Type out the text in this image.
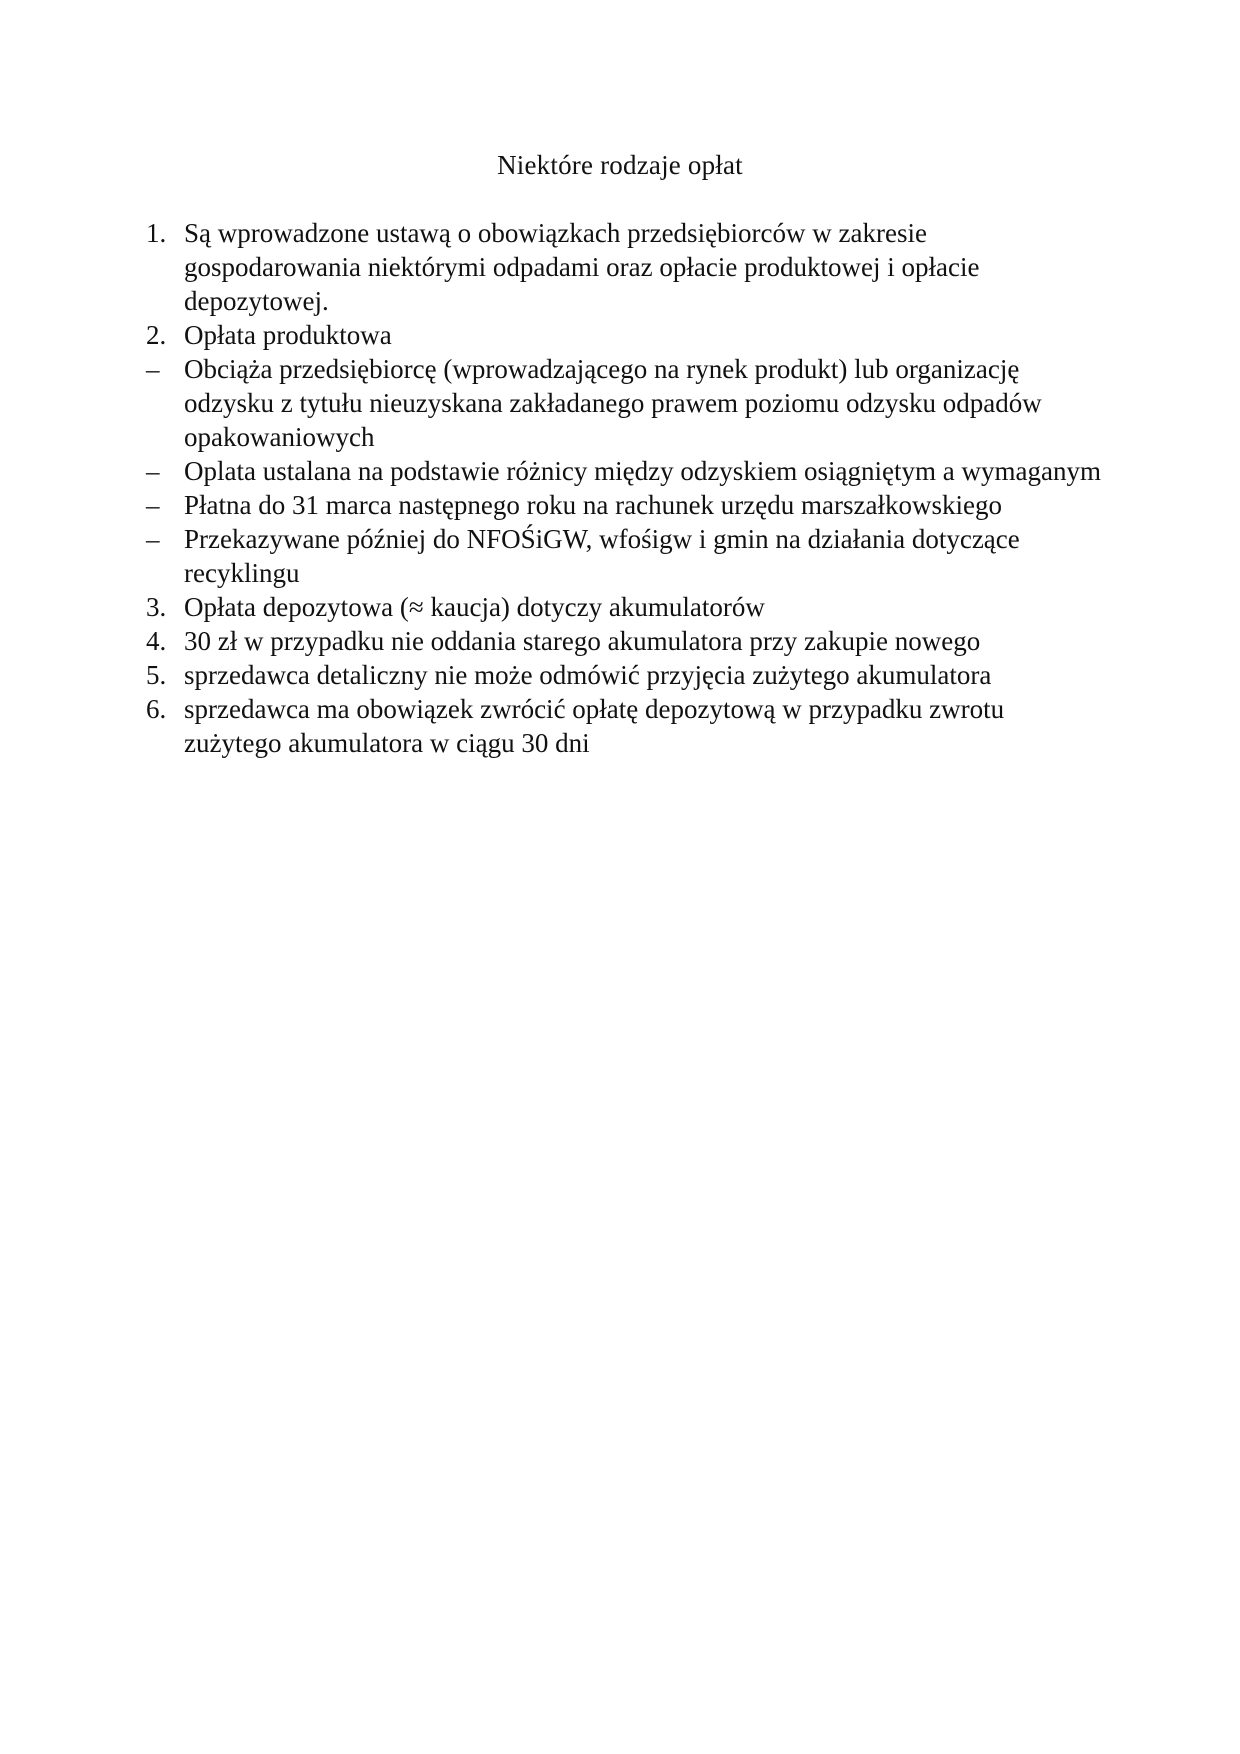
Niektóre rodzaje opłat
1. Są wprowadzone ustawą o obowiązkach przedsiębiorców w zakresie gospodarowania niektórymi odpadami oraz opłacie produktowej i opłacie depozytowej.
2. Opłata produktowa
– Obciąża przedsiębiorcę (wprowadzającego na rynek produkt) lub organizację odzysku z tytułu nieuzyskana zakładanego prawem poziomu odzysku odpadów opakowaniowych
– Oplata ustalana na podstawie różnicy między odzyskiem osiągniętym a wymaganym
– Płatna do 31 marca następnego roku na rachunek urzędu marszałkowskiego
– Przekazywane później do NFOŚiGW, wfośigw i gmin na działania dotyczące recyklingu
3. Opłata depozytowa (≈ kaucja) dotyczy akumulatorów
4. 30 zł w przypadku nie oddania starego akumulatora przy zakupie nowego
5. sprzedawca detaliczny nie może odmówić przyjęcia zużytego akumulatora
6. sprzedawca ma obowiązek zwrócić opłatę depozytową w przypadku zwrotu zużytego akumulatora w ciągu 30 dni
